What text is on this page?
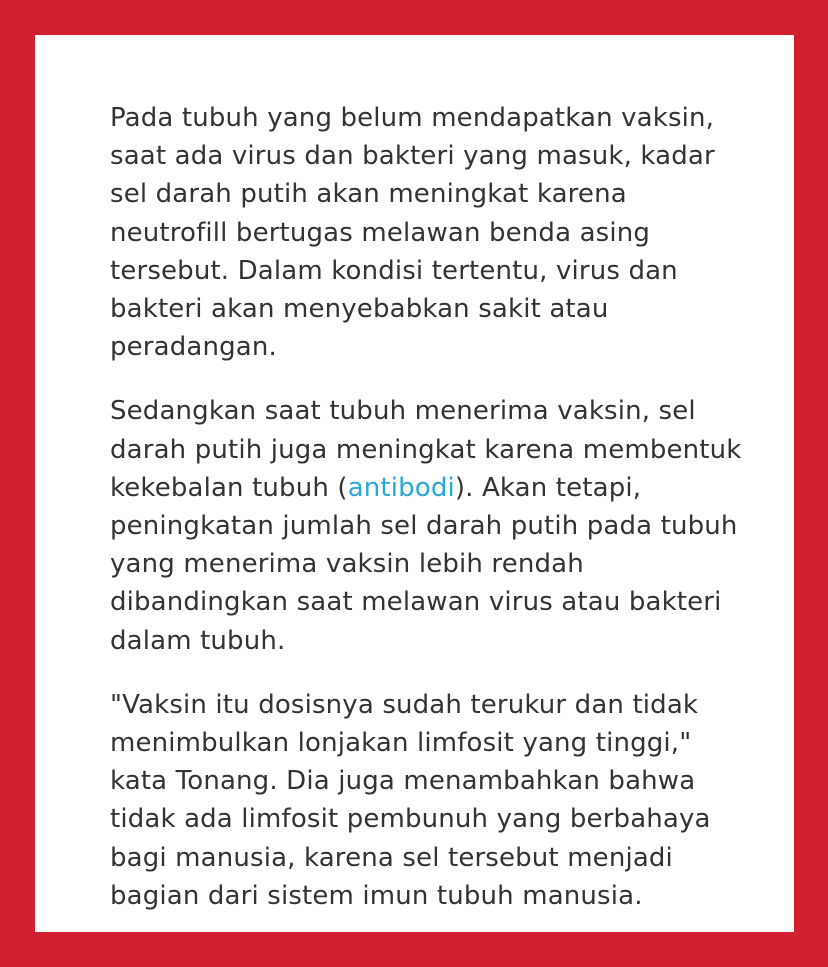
Pada tubuh yang belum mendapatkan vaksin,
saat ada virus dan bakteri yang masuk, kadar
sel darah putih akan meningkat karena
neutrofill bertugas melawan benda asing
tersebut. Dalam kondisi tertentu, virus dan
bakteri akan menyebabkan sakit atau
peradangan.

Sedangkan saat tubuh menerima vaksin, sel
darah putih juga meningkat karena membentuk
kekebalan tubuh (antibodi). Akan tetapi,
peningkatan jumlah sel darah putih pada tubuh
yang menerima vaksin lebih rendah
dibandingkan saat melawan virus atau bakteri
dalam tubuh.

"Vaksin itu dosisnya sudah terukur dan tidak
menimbulkan lonjakan limfosit yang tinggi,"
kata Tonang. Dia juga menambahkan bahwa
tidak ada limfosit pembunuh yang berbahaya
bagi manusia, karena sel tersebut menjadi
bagian dari sistem imun tubuh manusia.
